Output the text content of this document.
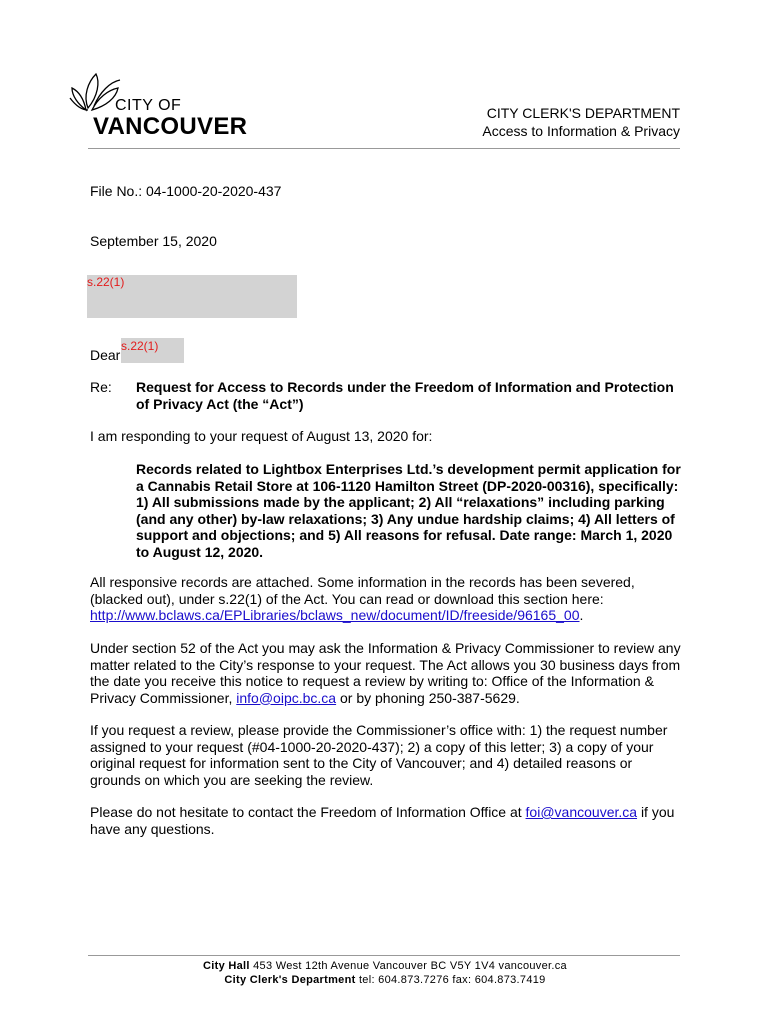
CITY OF
VANCOUVER	CITY CLERK'S DEPARTMENT
Access to Information & Privacy
File No.: 04-1000-20-2020-437
September 15, 2020
s.22(1)
Dear
s.22(1)
Re: Request for Access to Records under the Freedom of Information and Protection of Privacy Act (the “Act”)
I am responding to your request of August 13, 2020 for:
Records related to Lightbox Enterprises Ltd.’s development permit application for a Cannabis Retail Store at 106-1120 Hamilton Street (DP-2020-00316), specifically: 1) All submissions made by the applicant; 2) All “relaxations” including parking (and any other) by-law relaxations; 3) Any undue hardship claims; 4) All letters of support and objections; and 5) All reasons for refusal. Date range: March 1, 2020 to August 12, 2020.
All responsive records are attached. Some information in the records has been severed, (blacked out), under s.22(1) of the Act. You can read or download this section here: http://www.bclaws.ca/EPLibraries/bclaws_new/document/ID/freeside/96165_00.
Under section 52 of the Act you may ask the Information & Privacy Commissioner to review any matter related to the City’s response to your request. The Act allows you 30 business days from the date you receive this notice to request a review by writing to: Office of the Information & Privacy Commissioner, info@oipc.bc.ca or by phoning 250-387-5629.
If you request a review, please provide the Commissioner’s office with: 1) the request number assigned to your request (#04-1000-20-2020-437); 2) a copy of this letter; 3) a copy of your original request for information sent to the City of Vancouver; and 4) detailed reasons or grounds on which you are seeking the review.
Please do not hesitate to contact the Freedom of Information Office at foi@vancouver.ca if you have any questions.
City Hall 453 West 12th Avenue Vancouver BC V5Y 1V4 vancouver.ca
City Clerk's Department tel: 604.873.7276 fax: 604.873.7419
